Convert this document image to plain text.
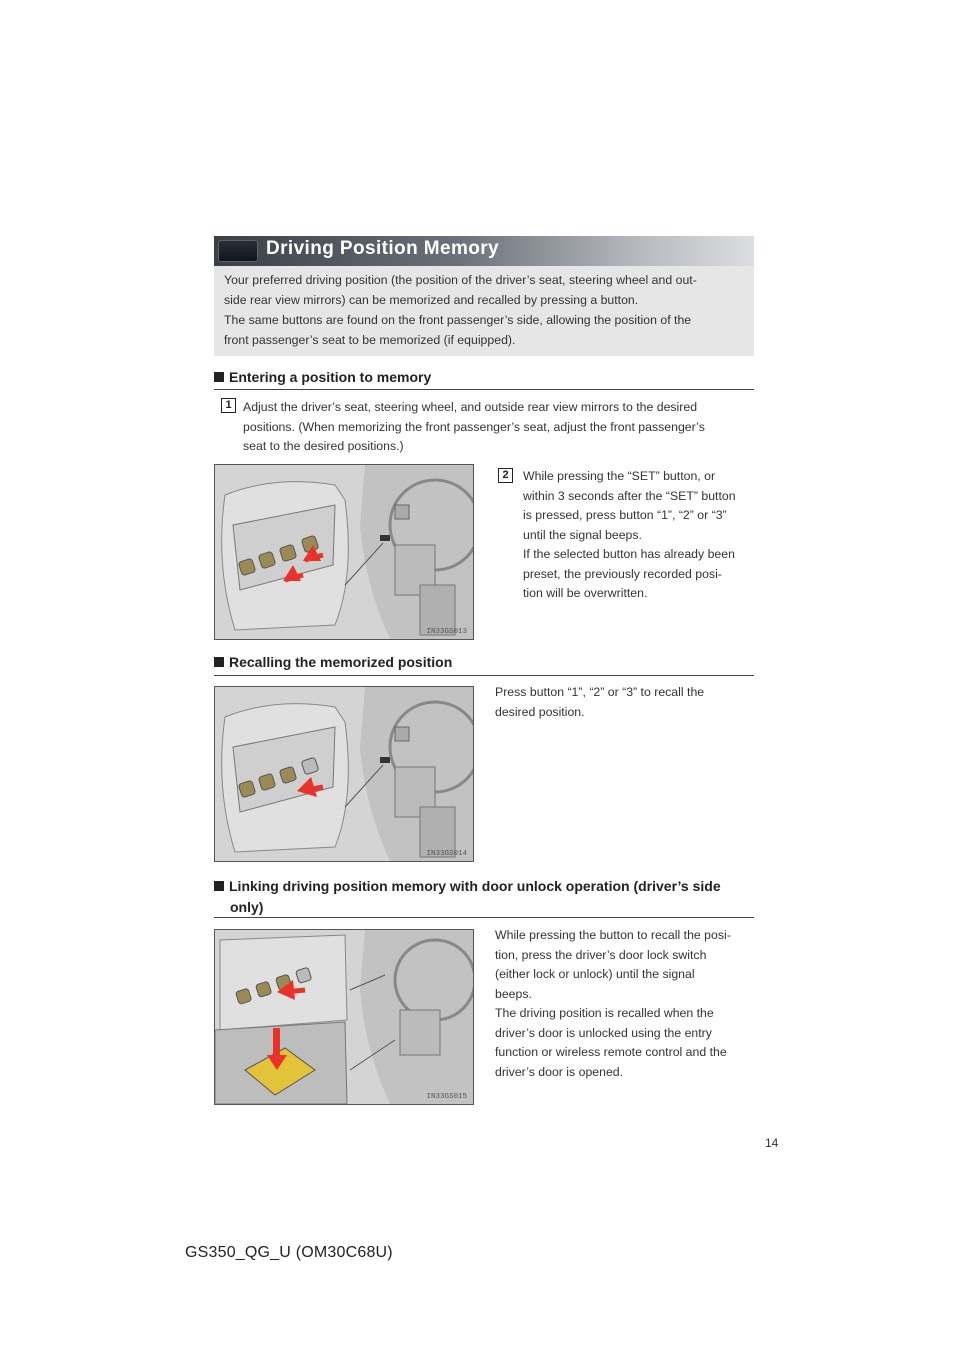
Driving Position Memory

Your preferred driving position (the position of the driver’s seat, steering wheel and out-

side rear view mirrors) can be memorized and recalled by pressing a button.

The same buttons are found on the front passenger’s side, allowing the position of the

front passenger’s seat to be memorized (if equipped).

Entering a position to memory
1 Adjust the driver’s seat, steering wheel, and outside rear view mirrors to the desired
positions. (When memorizing the front passenger’s seat, adjust the front passenger’s
seat to the desired positions.)
IN33GS013
2	While pressing the “SET” button, or
within 3 seconds after the “SET” button
is pressed, press button “1”, “2” or “3”
until the signal beeps.
If the selected button has already been
preset, the previously recorded posi-
tion will be overwritten.
Recalling the memorized position
IN33GS014
Press button “1”, “2” or “3” to recall the
desired position.
Linking driving position memory with door unlock operation (driver’s side
only)
IN33GS015
While pressing the button to recall the posi-
tion, press the driver’s door lock switch
(either lock or unlock) until the signal
beeps.
The driving position is recalled when the
driver’s door is unlocked using the entry
function or wireless remote control and the
driver’s door is opened.
14
GS350_QG_U (OM30C68U)
